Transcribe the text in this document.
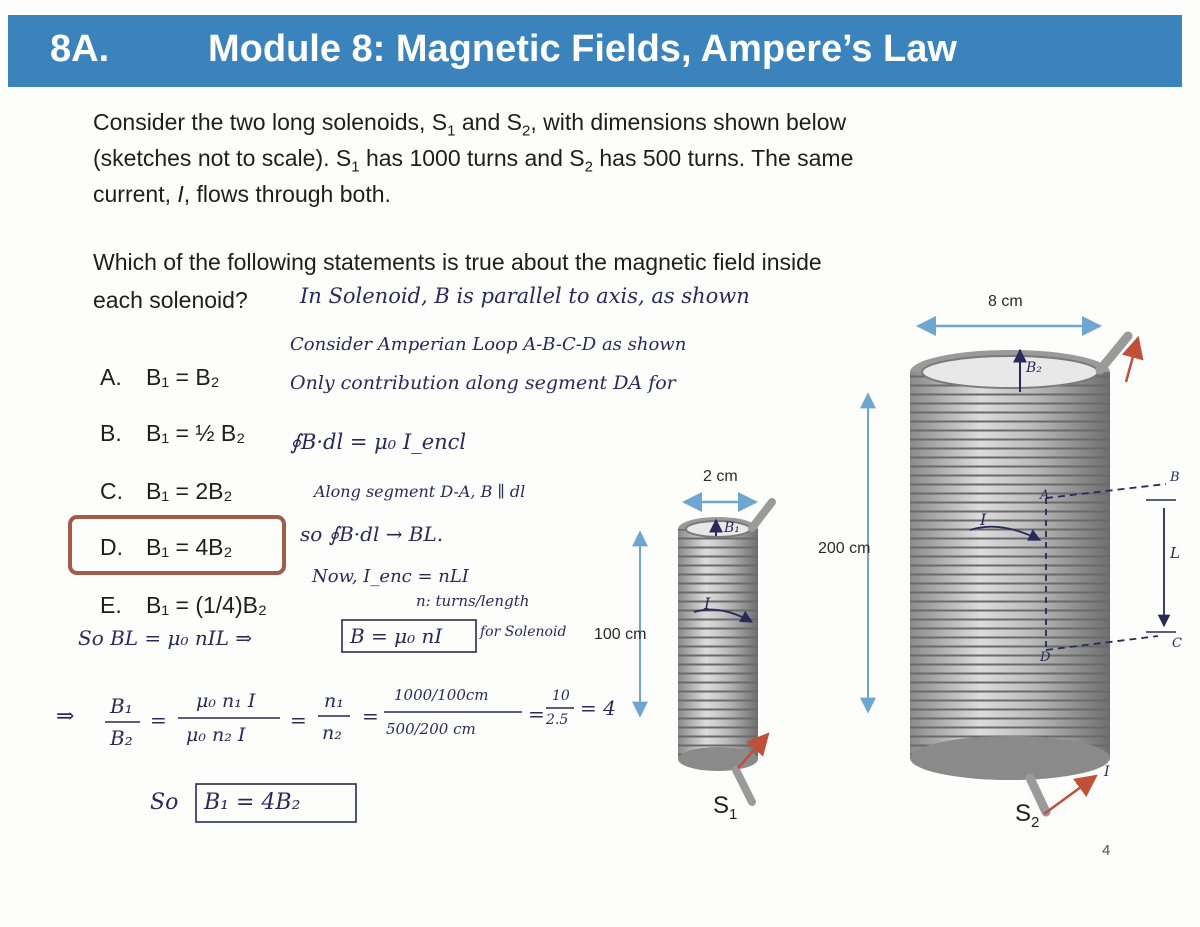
8A.	Module 8: Magnetic Fields, Ampere’s Law
Consider the two long solenoids, $S_1$ and $S_2$, with dimensions shown below
(sketches not to scale). $S_1$ has 1000 turns and $S_2$ has 500 turns. The same
current, I, flows through both.
Which of the following statements is true about the magnetic field inside
each solenoid?
A. B₁ = B₂
B. B₁ = ½ B₂
C. B₁ = 2B₂
D. B₁ = 4B₂
E. B₁ = (1/4)B₂
2 cm
100 cm
8 cm
200 cm
$S_1$	$S_2$
In Solenoid, B is parallel to axis, as shown
Consider Amperian Loop A-B-C-D as shown
Only contribution along segment DA for
∮B·dl = μ₀ I_encl
Along segment D-A, B ∥ dl
so ∮B·dl → BL.
Now, I_enc = nLI
n: turns/length
So BL = μ₀ nIL ⇒	B = μ₀ nI	for Solenoid
⇒ B₁
B₂
=
μ₀ n₁ I
μ₀ n₂ I
=
n₁
n₂
=
1000/100cm
500/200 cm
=
10
2.5 = 4
So B₁ = 4B₂
B₁
B₂
I
I
A
B
C
D
L
I
4
